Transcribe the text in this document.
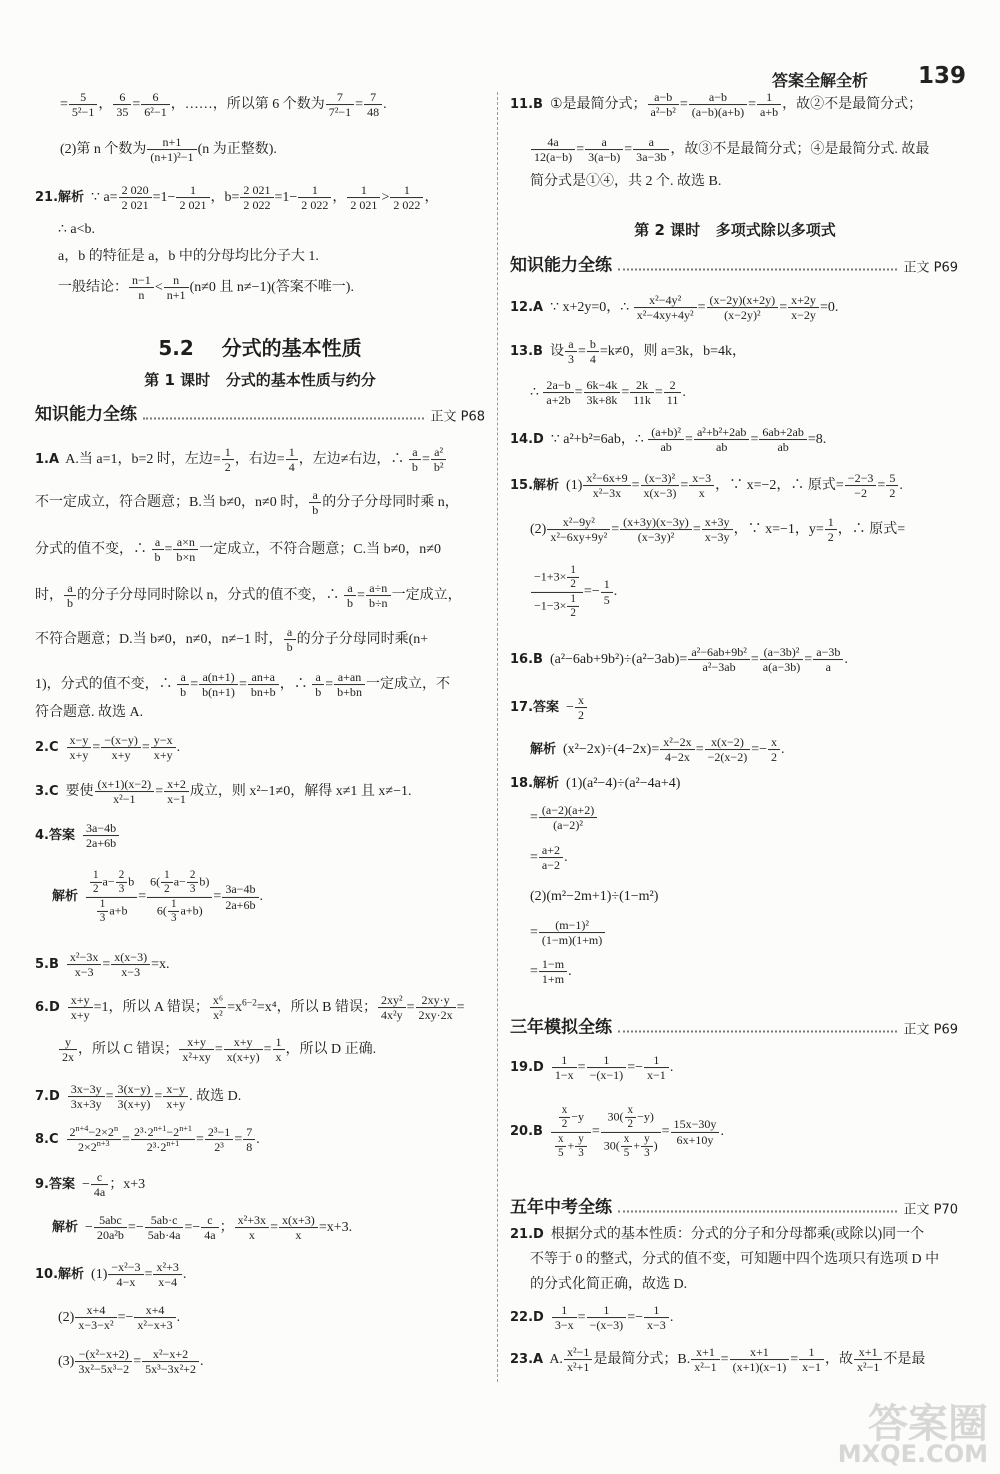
答案全解全析 139
= $\frac{5}{\text{5²−1}}$ ， $\frac{6}{35} = \frac{6}{\text{6²−1}}$ ，……，所以第 6 个数为 $\frac{7}{\text{7²−1}} = \frac{7}{48}$ .
(2)第 n 个数为 $\frac{n+1}{\text{(n+1)²−1}} (n$ 为正整数).
21.解析  ∵ $a= \frac{2 020}{2 021} =1- \frac{1}{2 021}$ ，$b= \frac{2 021}{2 022} =1- \frac{1}{2 022}$ ， $\frac{1}{2 021} > \frac{1}{2 022}$ ，
∴ a<b.
a，b 的特征是 a，b 中的分母均比分子大 1.
一般结论： $\frac{n-1}{n} < \frac{n}{n+1} (n\ne 0$ 且 n≠−1)(答案不唯一).
5.2    分式的基本性质
第 1 课时   分式的基本性质与约分
知识能力全练	正文 P68
1.A  A.当 a=1，b=2 时，左边= $\frac{1}{2}$ ，右边= $\frac{1}{4}$ ，左边≠右边，∴ $\frac{a}{b} = \frac{\text{a²}}{\text{b²}}$
不一定成立，符合题意；B.当 b≠0，n≠0 时， $\frac{a}{b}$ 的分子分母同时乘 n，
分式的值不变，∴ $\frac{a}{b} = \frac{a\times n}{b\times n}$ 一定成立，不符合题意；C.当 b≠0，n≠0
时， $\frac{a}{b}$ 的分子分母同时除以 n，分式的值不变，∴ $\frac{a}{b} = \frac{a\div n}{b\div n}$ 一定成立，
不符合题意；D.当 b≠0，n≠0，n≠−1 时， $\frac{a}{b}$ 的分子分母同时乘(n+
1)，分式的值不变，∴ $\frac{a}{b} = \frac{a(n+1)}{b(n+1)} = \frac{an+a}{bn+b}$ ，∴ $\frac{a}{b} = \frac{a+an}{b+bn}$ 一定成立，不
符合题意. 故选 A.
$2.C \frac{x-y}{x+y} = \frac{-(x-y)}{x+y} = \frac{y-x}{x+y}$ .
3.C  要使 $\frac{(x+1)(x-2)}{\text{x²−1}} = \frac{x+2}{x-1}$ 成立，则 x²−1≠0，解得 x≠1 且 x≠−1.
4.答案 $\frac{3a-4b}{2a+6b}$
解析 $\frac{\frac{1}{2} a- \frac{2}{3} b}{\frac{1}{3} a+b} = \frac{6( \frac{1}{2} a- \frac{2}{3} b)}{6( \frac{1}{3} a+b)} = \frac{3a-4b}{2a+6b}$ .
$5.B \frac{\text{x²−3x}}{x-3} = \frac{x(x-3)}{x-3} =x$.
$6.D \frac{x+y}{x+y} =1$，所以 A 错误； $\frac{\text{x⁶}}{\text{x²}} =x^{6-2}=x^4$，所以 B 错误； $\frac{\text{2xy²}}{\text{4x²y}} = \frac{2xy\cdot y}{2xy\cdot 2x}$ =
$\frac{y}{2x}$ ，所以 C 错误； $\frac{x+y}{\text{x²+xy}} = \frac{x+y}{x(x+y)} = \frac{1}{x}$ ，所以 D 正确.
$7.D \frac{3x-3y}{3x+3y} = \frac{3(x-y)}{3(x+y)} = \frac{x-y}{x+y}$ . 故选 D.
$8.C \frac{2^{n+4}-2\times 2^n}{2\times 2^{n+3}} = \frac{2^3\cdot 2^{n+1}-2^{n+1}}{2^3\cdot 2^{n+1}} = \frac{\text{2³−1}}{\text{2³}} = \frac{7}{8}$ .
9.答案  − $\frac{c}{4a}$ ；x+3
解析  −
5abc
20a²b
=− $\frac{5ab\cdot c}{5ab\cdot 4a} =- \frac{c}{4a}$ ； $\frac{\text{x²+3x}}{x} = \frac{x(x+3)}{x} =x+3$.
10.解析  $(1) \frac{\text{−x²−3}}{4-x} = \frac{\text{x²+3}}{x-4}$ .
$(2) \frac{x+4}{\text{x−3−x²}} =- \frac{x+4}{\text{x²−x+3}}$ .
$(3) \frac{\text{−(x²−x+2)}}{\text{3x²−5x³−2}} = \frac{\text{x²−x+2}}{\text{5x³−3x²+2}}$ .
11.B  ①是最简分式； $\frac{a-b}{\text{a²−b²}} = \frac{a-b}{(a-b)(a+b)} = \frac{1}{a+b}$ ，故②不是最简分式；
$\frac{4a}{12(a-b)} = \frac{a}{3(a-b)} = \frac{a}{3a-3b}$ ，故③不是最简分式；④是最简分式. 故最
简分式是①④，共 2 个. 故选 B.
第 2 课时   多项式除以多项式
知识能力全练	正文 P69
12.A  ∵ x+2y=0，∴ $\frac{\text{x²−4y²}}{\text{x²−4xy+4y²}} = \frac{(x-2y)(x+2y)}{\text{(x−2y)²}} = \frac{x+2y}{x-2y} =0$.
13.B  设 $\frac{a}{3} = \frac{b}{4} =k\ne 0$，则 a=3k，b=4k，
∴ $\frac{2a-b}{a+2b} = \frac{6k-4k}{3k+8k} = \frac{2k}{11k} = \frac{2}{11}$ .
14.D  ∵ a²+b²=6ab，∴ $\frac{\text{(a+b)²}}{ab} = \frac{\text{a²+b²+2ab}}{ab} = \frac{6ab+2ab}{ab} =8$.
15.解析  $(1) \frac{\text{x²−6x+9}}{\text{x²−3x}} = \frac{\text{(x−3)²}}{x(x-3)} = \frac{x-3}{x}$ ，∵ x=−2，∴ 原式= $\frac{-2-3}{-2} = \frac{5}{2}$ .
$(2) \frac{\text{x²−9y²}}{\text{x²−6xy+9y²}} = \frac{(x+3y)(x-3y)}{\text{(x−3y)²}} = \frac{x+3y}{x-3y}$ ，∵ x=−1，$y= \frac{1}{2}$ ，∴ 原式=
$\frac{-1+3\times \frac{1}{2}}{-1-3\times \frac{1}{2}} =- \frac{1}{5}$ .
16.B  $(a^2-6ab+9b^2)\div(a^2-3ab)= \frac{\text{a²−6ab+9b²}}{\text{a²−3ab}} = \frac{\text{(a−3b)²}}{a(a-3b)} = \frac{a-3b}{a}$ .
17.答案  − $\frac{x}{2}$
解析  $(x^2-2x)\div(4-2x)= \frac{\text{x²−2x}}{4-2x} = \frac{x(x-2)}{-2(x-2)} =- \frac{x}{2}$ .
18.解析  (1)(a²−4)÷(a²−4a+4)
= $\frac{(a-2)(a+2)}{\text{(a−2)²}}$
= $\frac{a+2}{a-2}$ .
(2)(m²−2m+1)÷(1−m²)
= $\frac{\text{(m−1)²}}{(1-m)(1+m)}$
= $\frac{1-m}{1+m}$ .
三年模拟全练	正文 P69
$19.D \frac{1}{1-x} = \frac{1}{-(x-1)} =- \frac{1}{x-1}$ .
$20.B \frac{\frac{x}{2} -y}{\frac{x}{5} + \frac{y}{3}} = \frac{30( \frac{x}{2} -y)}{30( \frac{x}{5} + \frac{y}{3} )} = \frac{15x-30y}{6x+10y}$ .
五年中考全练	正文 P70
21.D  根据分式的基本性质：分式的分子和分母都乘(或除以)同一个
不等于 0 的整式，分式的值不变，可知题中四个选项只有选项 D 中
的分式化简正确，故选 D.
$22.D \frac{1}{3-x} = \frac{1}{-(x-3)} =- \frac{1}{x-3}$ .
23.A  A. $\frac{\text{x²−1}}{\text{x²+1}}$ 是最简分式；B. $\frac{x+1}{\text{x²−1}} = \frac{x+1}{(x+1)(x-1)} = \frac{1}{x-1}$ ，故 $\frac{x+1}{\text{x²−1}}$ 不是最
答案圈
MXQE.COM
